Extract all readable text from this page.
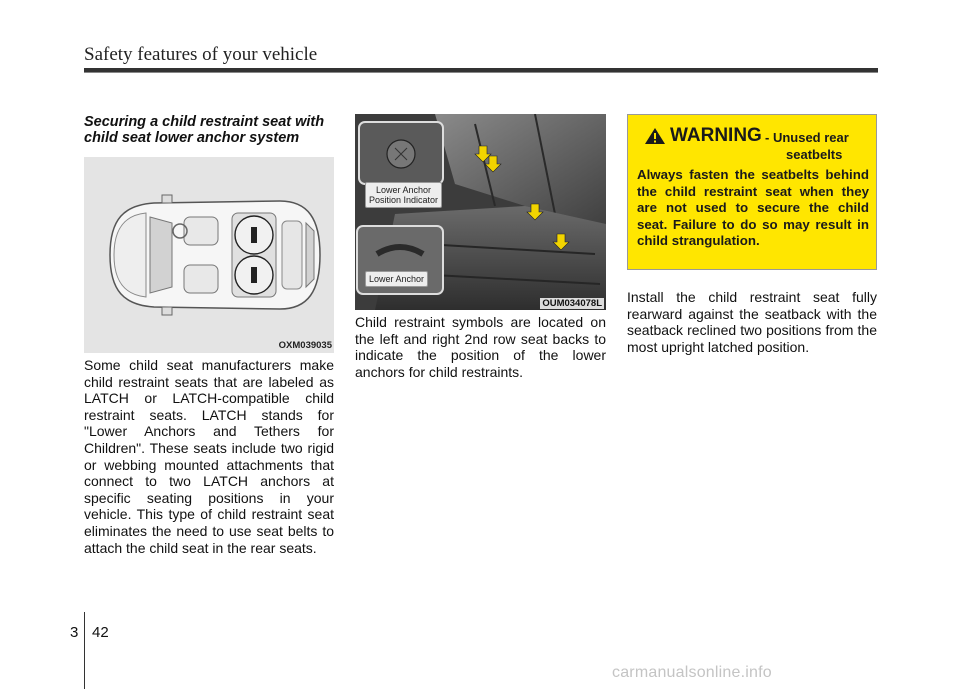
Safety features of your vehicle
Securing a child restraint seat with child seat lower anchor system
OXM039035
Some child seat manufacturers make child restraint seats that are labeled as LATCH or LATCH-compatible child restraint seats. LATCH stands for "Lower Anchors and Tethers for Children". These seats include two rigid or webbing mounted attachments that connect to two LATCH anchors at specific seating positions in your vehicle. This type of child restraint seat eliminates the need to use seat belts to attach the child seat in the rear seats.
Lower Anchor
Position Indicator
Lower Anchor
OUM034078L
Child restraint symbols are located on the left and right 2nd row seat backs to indicate the position of the lower anchors for child restraints.
WARNING - Unused rear
seatbelts
Always fasten the seatbelts behind the child restraint seat when they are not used to secure the child seat. Failure to do so may result in child strangulation.
Install the child restraint seat fully rearward against the seatback with the seatback reclined two positions from the most upright latched position.
3 42
carmanualsonline.info
